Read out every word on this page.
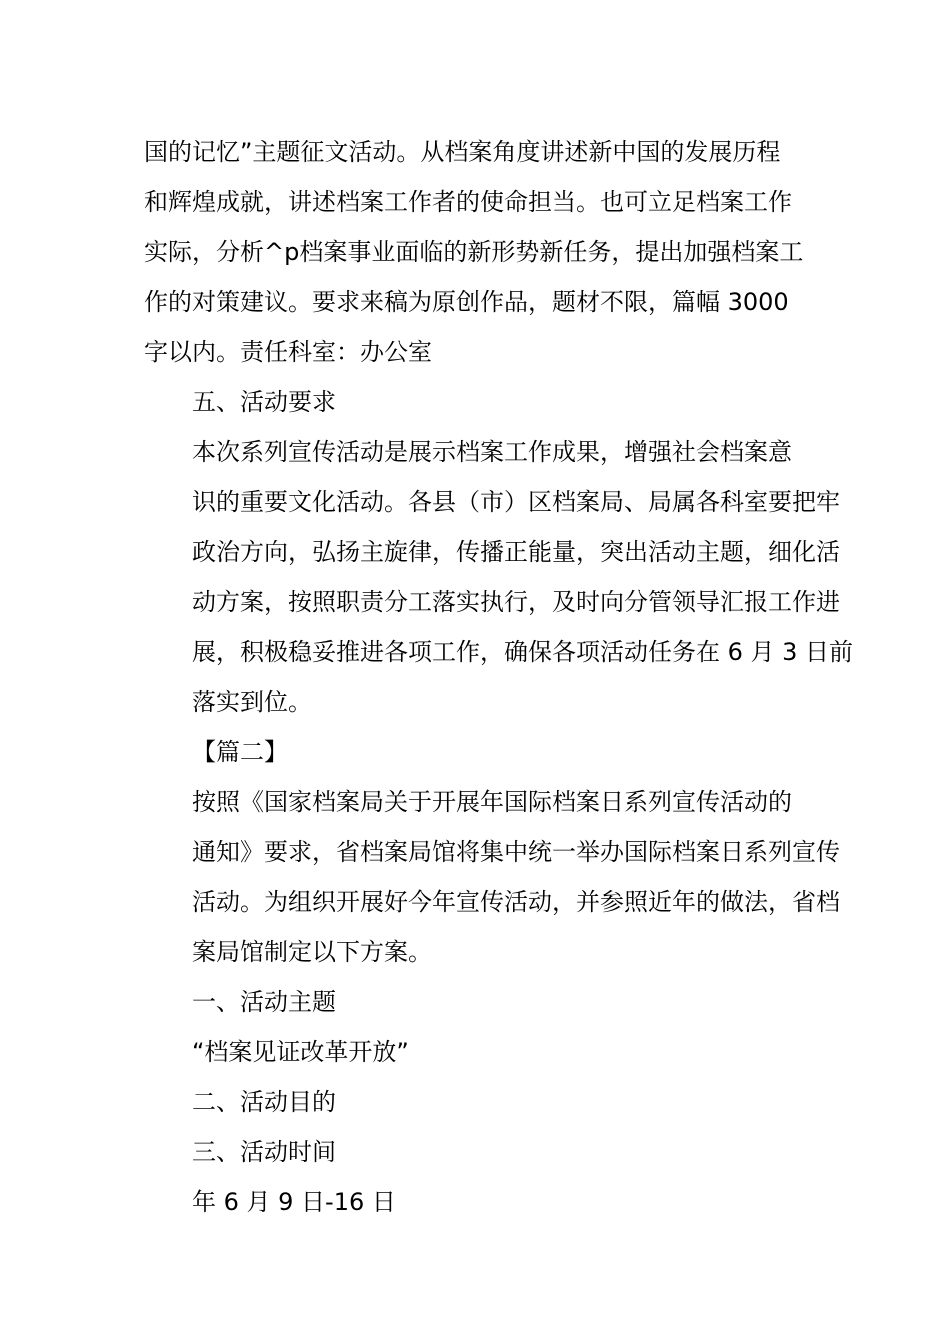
国的记忆”主题征文活动。从档案角度讲述新中国的发展历程
和辉煌成就，讲述档案工作者的使命担当。也可立足档案工作
实际，分析^p档案事业面临的新形势新任务，提出加强档案工
作的对策建议。要求来稿为原创作品，题材不限，篇幅 3000
字以内。责任科室：办公室

五、活动要求

本次系列宣传活动是展示档案工作成果，增强社会档案意
识的重要文化活动。各县（市）区档案局、局属各科室要把牢
政治方向，弘扬主旋律，传播正能量，突出活动主题，细化活
动方案，按照职责分工落实执行，及时向分管领导汇报工作进
展，积极稳妥推进各项工作，确保各项活动任务在 6 月 3 日前
落实到位。

【篇二】

按照《国家档案局关于开展年国际档案日系列宣传活动的
通知》要求，省档案局馆将集中统一举办国际档案日系列宣传
活动。为组织开展好今年宣传活动，并参照近年的做法，省档
案局馆制定以下方案。

一、活动主题

“档案见证改革开放”

二、活动目的

三、活动时间

年 6 月 9 日-16 日
